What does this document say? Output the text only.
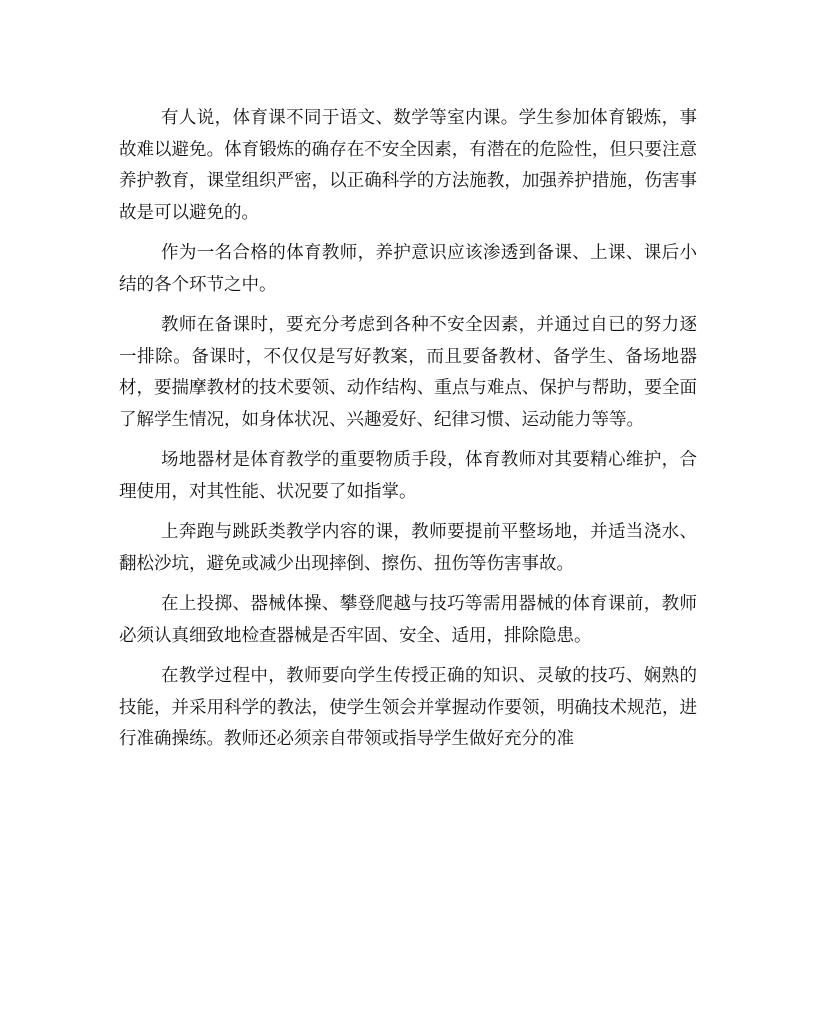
有人说，体育课不同于语文、数学等室内课。学生参加体育锻炼，事故难以避免。体育锻炼的确存在不安全因素，有潜在的危险性，但只要注意养护教育，课堂组织严密，以正确科学的方法施教，加强养护措施，伤害事故是可以避免的。

作为一名合格的体育教师，养护意识应该渗透到备课、上课、课后小结的各个环节之中。

教师在备课时，要充分考虑到各种不安全因素，并通过自已的努力逐一排除。备课时，不仅仅是写好教案，而且要备教材、备学生、备场地器材，要揣摩教材的技术要领、动作结构、重点与难点、保护与帮助，要全面了解学生情况，如身体状况、兴趣爱好、纪律习惯、运动能力等等。

场地器材是体育教学的重要物质手段，体育教师对其要精心维护，合理使用，对其性能、状况要了如指掌。

上奔跑与跳跃类教学内容的课，教师要提前平整场地，并适当浇水、翻松沙坑，避免或减少出现摔倒、擦伤、扭伤等伤害事故。

在上投掷、器械体操、攀登爬越与技巧等需用器械的体育课前，教师必须认真细致地检查器械是否牢固、安全、适用，排除隐患。

在教学过程中，教师要向学生传授正确的知识、灵敏的技巧、娴熟的技能，并采用科学的教法，使学生领会并掌握动作要领，明确技术规范，进行准确操练。教师还必须亲自带领或指导学生做好充分的准
